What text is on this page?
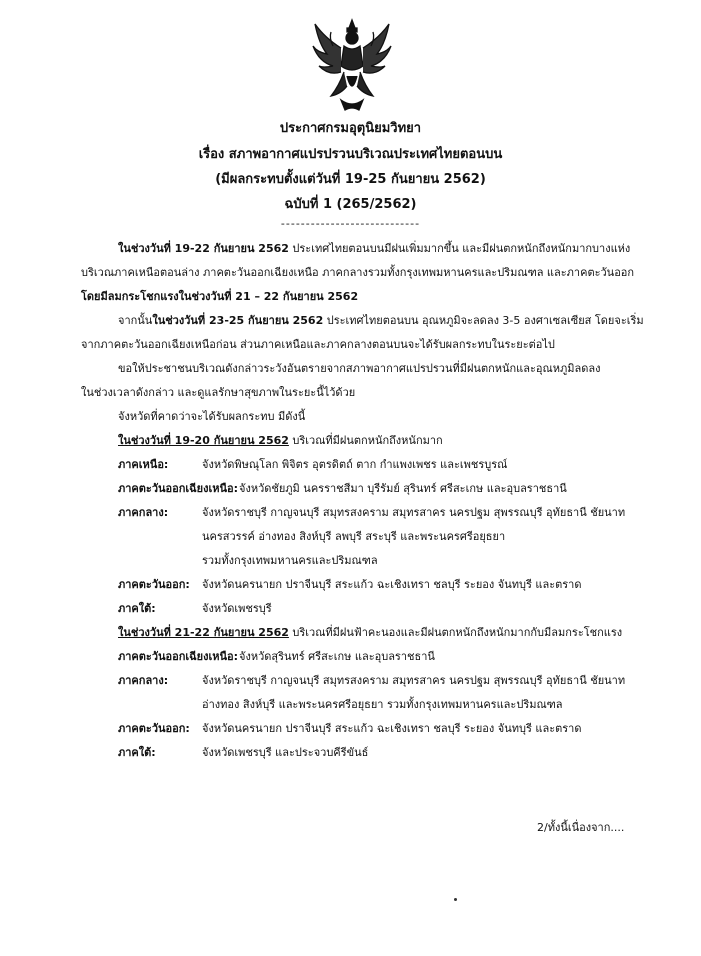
ประกาศกรมอุตุนิยมวิทยา
เรื่อง สภาพอากาศแปรปรวนบริเวณประเทศไทยตอนบน
(มีผลกระทบตั้งแต่วันที่ 19-25 กันยายน 2562)
ฉบับที่ 1 (265/2562)
----------------------------
ในช่วงวันที่ 19-22 กันยายน 2562 ประเทศไทยตอนบนมีฝนเพิ่มมากขึ้น และมีฝนตกหนักถึงหนักมากบางแห่ง
บริเวณภาคเหนือตอนล่าง ภาคตะวันออกเฉียงเหนือ ภาคกลางรวมทั้งกรุงเทพมหานครและปริมณฑล และภาคตะวันออก
โดยมีลมกระโชกแรงในช่วงวันที่ 21 – 22 กันยายน 2562
จากนั้นในช่วงวันที่ 23-25 กันยายน 2562 ประเทศไทยตอนบน อุณหภูมิจะลดลง 3-5 องศาเซลเซียส โดยจะเริ่ม
จากภาคตะวันออกเฉียงเหนือก่อน ส่วนภาคเหนือและภาคกลางตอนบนจะได้รับผลกระทบในระยะต่อไป
ขอให้ประชาชนบริเวณดังกล่าวระวังอันตรายจากสภาพอากาศแปรปรวนที่มีฝนตกหนักและอุณหภูมิลดลง
ในช่วงเวลาดังกล่าว และดูแลรักษาสุขภาพในระยะนี้ไว้ด้วย
จังหวัดที่คาดว่าจะได้รับผลกระทบ มีดังนี้
ในช่วงวันที่ 19-20 กันยายน 2562 บริเวณที่มีฝนตกหนักถึงหนักมาก
ภาคเหนือ:	จังหวัดพิษณุโลก พิจิตร อุตรดิตถ์ ตาก กำแพงเพชร และเพชรบูรณ์
ภาคตะวันออกเฉียงเหนือ: จังหวัดชัยภูมิ นครราชสีมา บุรีรัมย์ สุรินทร์ ศรีสะเกษ และอุบลราชธานี
ภาคกลาง:	จังหวัดราชบุรี กาญจนบุรี สมุทรสงคราม สมุทรสาคร นครปฐม สุพรรณบุรี อุทัยธานี ชัยนาท
นครสวรรค์ อ่างทอง สิงห์บุรี ลพบุรี สระบุรี และพระนครศรีอยุธยา
รวมทั้งกรุงเทพมหานครและปริมณฑล
ภาคตะวันออก: จังหวัดนครนายก ปราจีนบุรี สระแก้ว ฉะเชิงเทรา ชลบุรี ระยอง จันทบุรี และตราด
ภาคใต้:	จังหวัดเพชรบุรี
ในช่วงวันที่ 21-22 กันยายน 2562 บริเวณที่มีฝนฟ้าคะนองและมีฝนตกหนักถึงหนักมากกับมีลมกระโชกแรง
ภาคตะวันออกเฉียงเหนือ: จังหวัดสุรินทร์ ศรีสะเกษ และอุบลราชธานี
ภาคกลาง:	จังหวัดราชบุรี กาญจนบุรี สมุทรสงคราม สมุทรสาคร นครปฐม สุพรรณบุรี อุทัยธานี ชัยนาท
อ่างทอง สิงห์บุรี และพระนครศรีอยุธยา รวมทั้งกรุงเทพมหานครและปริมณฑล
ภาคตะวันออก: จังหวัดนครนายก ปราจีนบุรี สระแก้ว ฉะเชิงเทรา ชลบุรี ระยอง จันทบุรี และตราด
ภาคใต้:	จังหวัดเพชรบุรี และประจวบคีรีขันธ์
2/ทั้งนี้เนื่องจาก....
